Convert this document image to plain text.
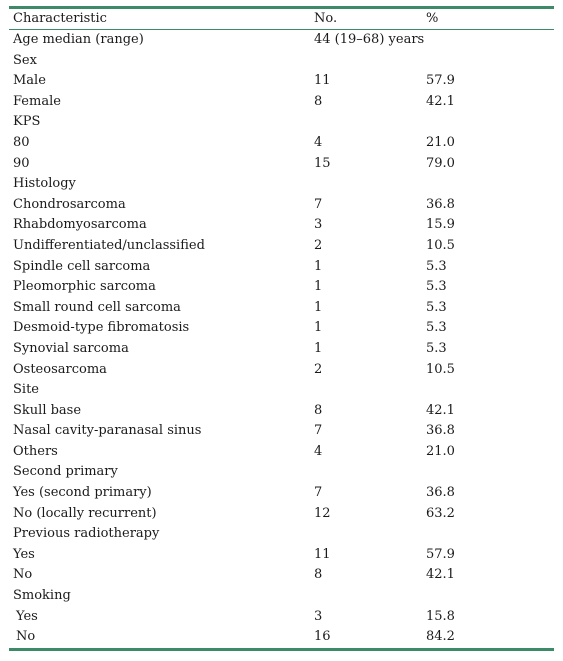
Characteristic	No.	%
Age median (range)	44 (19–68) years	
Sex		
Male	11	57.9
Female	8	42.1
KPS		
80	4	21.0
90	15	79.0
Histology		
Chondrosarcoma	7	36.8
Rhabdomyosarcoma	3	15.9
Undifferentiated/unclassified	2	10.5
Spindle cell sarcoma	1	5.3
Pleomorphic sarcoma	1	5.3
Small round cell sarcoma	1	5.3
Desmoid-type fibromatosis	1	5.3
Synovial sarcoma	1	5.3
Osteosarcoma	2	10.5
Site		
Skull base	8	42.1
Nasal cavity-paranasal sinus	7	36.8
Others	4	21.0
Second primary		
Yes (second primary)	7	36.8
No (locally recurrent)	12	63.2
Previous radiotherapy		
Yes	11	57.9
No	8	42.1
Smoking		
Yes	3	15.8
No	16	84.2
